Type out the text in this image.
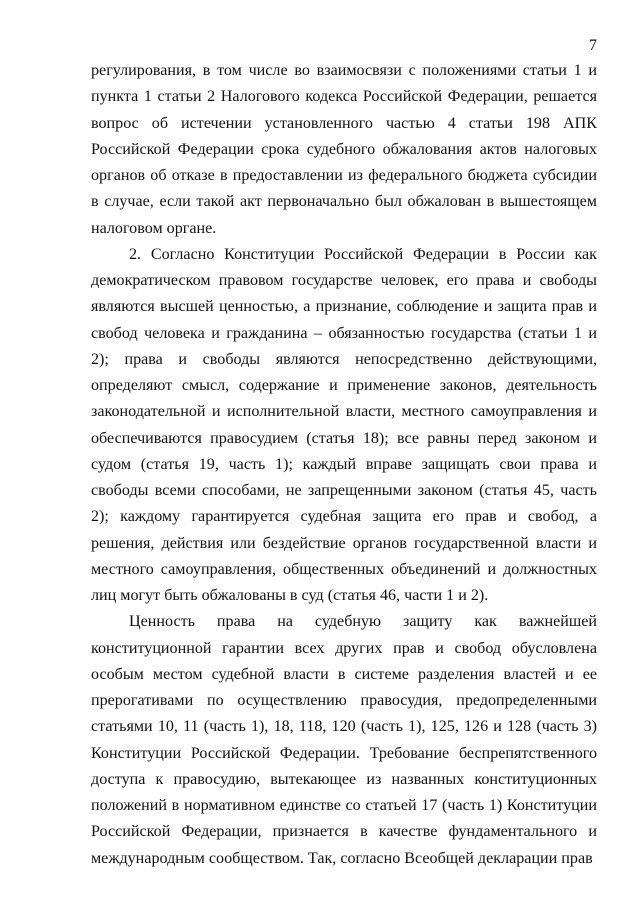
7

регулирования, в том числе во взаимосвязи с положениями статьи 1 и пункта 1 статьи 2 Налогового кодекса Российской Федерации, решается вопрос об истечении установленного частью 4 статьи 198 АПК Российской Федерации срока судебного обжалования актов налоговых органов об отказе в предоставлении из федерального бюджета субсидии в случае, если такой акт первоначально был обжалован в вышестоящем налоговом органе.

2. Согласно Конституции Российской Федерации в России как демократическом правовом государстве человек, его права и свободы являются высшей ценностью, а признание, соблюдение и защита прав и свобод человека и гражданина – обязанностью государства (статьи 1 и 2); права и свободы являются непосредственно действующими, определяют смысл, содержание и применение законов, деятельность законодательной и исполнительной власти, местного самоуправления и обеспечиваются правосудием (статья 18); все равны перед законом и судом (статья 19, часть 1); каждый вправе защищать свои права и свободы всеми способами, не запрещенными законом (статья 45, часть 2); каждому гарантируется судебная защита его прав и свобод, а решения, действия или бездействие органов государственной власти и местного самоуправления, общественных объединений и должностных лиц могут быть обжалованы в суд (статья 46, части 1 и 2).

Ценность права на судебную защиту как важнейшей конституционной гарантии всех других прав и свобод обусловлена особым местом судебной власти в системе разделения властей и ее прерогативами по осуществлению правосудия, предопределенными статьями 10, 11 (часть 1), 18, 118, 120 (часть 1), 125, 126 и 128 (часть 3) Конституции Российской Федерации. Требование беспрепятственного доступа к правосудию, вытекающее из названных конституционных положений в нормативном единстве со статьей 17 (часть 1) Конституции Российской Федерации, признается в качестве фундаментального и международным сообществом. Так, согласно Всеобщей декларации прав
